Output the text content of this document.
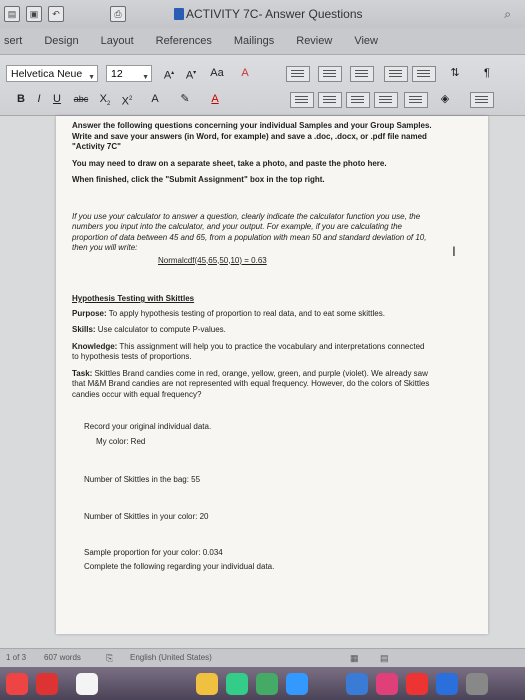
▤	▣	↶	⎙	ACTIVITY 7C- Answer Questions	⌕
sert	Design	Layout	References	Mailings	Review	View
Helvetica Neue ▼	12	▼	A▴	A▾	Aa	A	⇅	¶
B	I	U	abc	$X_2$	$X^2$	A	✎	A	◈

Answer the following questions concerning your individual Samples and your Group Samples. Write and save your answers (in Word, for example) and save a .doc, .docx, or .pdf file named "Activity 7C"

You may need to draw on a separate sheet, take a photo, and paste the photo here.

When finished, click the "Submit Assignment" box in the top right.

If you use your calculator to answer a question, clearly indicate the calculator function you use, the numbers you input into the calculator, and your output. For example, if you are calculating the proportion of data between 45 and 65, from a population with mean 50 and standard deviation of 10, then you will write:

Normalcdf(45,65,50,10) = 0.63

Hypothesis Testing with Skittles

Purpose: To apply hypothesis testing of proportion to real data, and to eat some skittles.

Skills: Use calculator to compute P-values.

Knowledge: This assignment will help you to practice the vocabulary and interpretations connected to hypothesis tests of proportions.

Task: Skittles Brand candies come in red, orange, yellow, green, and purple (violet). We already saw that M&M Brand candies are not represented with equal frequency. However, do the colors of Skittles candies occur with equal frequency?

Record your original individual data.

My color: Red

Number of Skittles in the bag: 55

Number of Skittles in your color: 20

Sample proportion for your color: 0.034

Complete the following regarding your individual data.

I
1 of 3 607 words	⎘ English (United States)	▦ ▤
